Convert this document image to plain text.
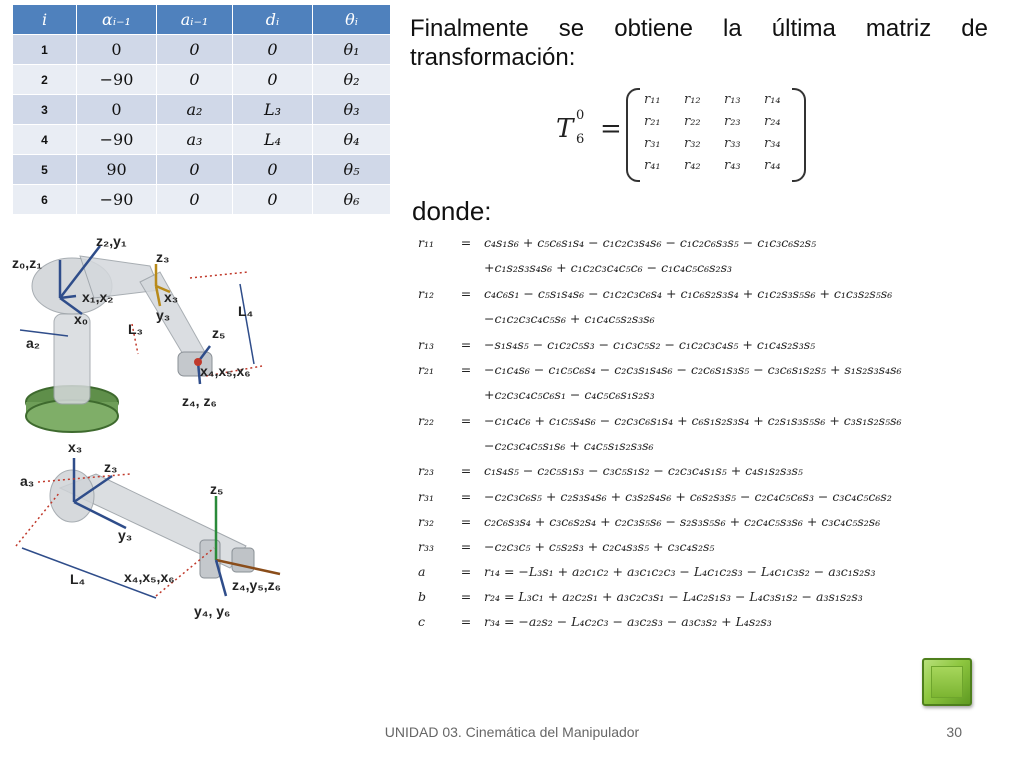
i	αᵢ₋₁	aᵢ₋₁	dᵢ	θᵢ
1	0	0	0	θ₁
2	−90	0	0	θ₂
3	0	a₂	L₃	θ₃
4	−90	a₃	L₄	θ₄
5	90	0	0	θ₅
6	−90	0	0	θ₆
Finalmente se obtiene la última matriz de transformación:
T 0
6 =
r₁₁	r₁₂	r₁₃	r₁₄
r₂₁	r₂₂	r₂₃	r₂₄
r₃₁	r₃₂	r₃₃	r₃₄
r₄₁	r₄₂	r₄₃	r₄₄
donde:
r₁₁	=	c₄s₁s₆ + c₅c₆s₁s₄ − c₁c₂c₃s₄s₆ − c₁c₂c₆s₃s₅ − c₁c₃c₆s₂s₅
+c₁s₂s₃s₄s₆ + c₁c₂c₃c₄c₅c₆ − c₁c₄c₅c₆s₂s₃
r₁₂	=	c₄c₆s₁ − c₅s₁s₄s₆ − c₁c₂c₃c₆s₄ + c₁c₆s₂s₃s₄ + c₁c₂s₃s₅s₆ + c₁c₃s₂s₅s₆
−c₁c₂c₃c₄c₅s₆ + c₁c₄c₅s₂s₃s₆
r₁₃	=	−s₁s₄s₅ − c₁c₂c₅s₃ − c₁c₃c₅s₂ − c₁c₂c₃c₄s₅ + c₁c₄s₂s₃s₅
r₂₁	=	−c₁c₄s₆ − c₁c₅c₆s₄ − c₂c₃s₁s₄s₆ − c₂c₆s₁s₃s₅ − c₃c₆s₁s₂s₅ + s₁s₂s₃s₄s₆
+c₂c₃c₄c₅c₆s₁ − c₄c₅c₆s₁s₂s₃
r₂₂	=	−c₁c₄c₆ + c₁c₅s₄s₆ − c₂c₃c₆s₁s₄ + c₆s₁s₂s₃s₄ + c₂s₁s₃s₅s₆ + c₃s₁s₂s₅s₆
−c₂c₃c₄c₅s₁s₆ + c₄c₅s₁s₂s₃s₆
r₂₃	=	c₁s₄s₅ − c₂c₅s₁s₃ − c₃c₅s₁s₂ − c₂c₃c₄s₁s₅ + c₄s₁s₂s₃s₅
r₃₁	=	−c₂c₃c₆s₅ + c₂s₃s₄s₆ + c₃s₂s₄s₆ + c₆s₂s₃s₅ − c₂c₄c₅c₆s₃ − c₃c₄c₅c₆s₂
r₃₂	=	c₂c₆s₃s₄ + c₃c₆s₂s₄ + c₂c₃s₅s₆ − s₂s₃s₅s₆ + c₂c₄c₅s₃s₆ + c₃c₄c₅s₂s₆
r₃₃	=	−c₂c₃c₅ + c₅s₂s₃ + c₂c₄s₃s₅ + c₃c₄s₂s₅
a	=	r₁₄ = −L₃s₁ + a₂c₁c₂ + a₃c₁c₂c₃ − L₄c₁c₂s₃ − L₄c₁c₃s₂ − a₃c₁s₂s₃
b	=	r₂₄ = L₃c₁ + a₂c₂s₁ + a₃c₂c₃s₁ − L₄c₂s₁s₃ − L₄c₃s₁s₂ − a₃s₁s₂s₃
c	=	r₃₄ = −a₂s₂ − L₄c₂c₃ − a₃c₂s₃ − a₃c₃s₂ + L₄s₂s₃
z₂,y₁
z₀,z₁	z₃
x₃
y₃
x₁,x₂
x₀	L₄
L₃	z₅
a₂
x₄,x₅,x₆
z₄, z₆
x₃
z₃
a₃	z₅
y₃
L₄	x₄,x₅,x₆	z₄,y₅,z₆
y₄, y₆
UNIDAD 03. Cinemática del Manipulador	30
